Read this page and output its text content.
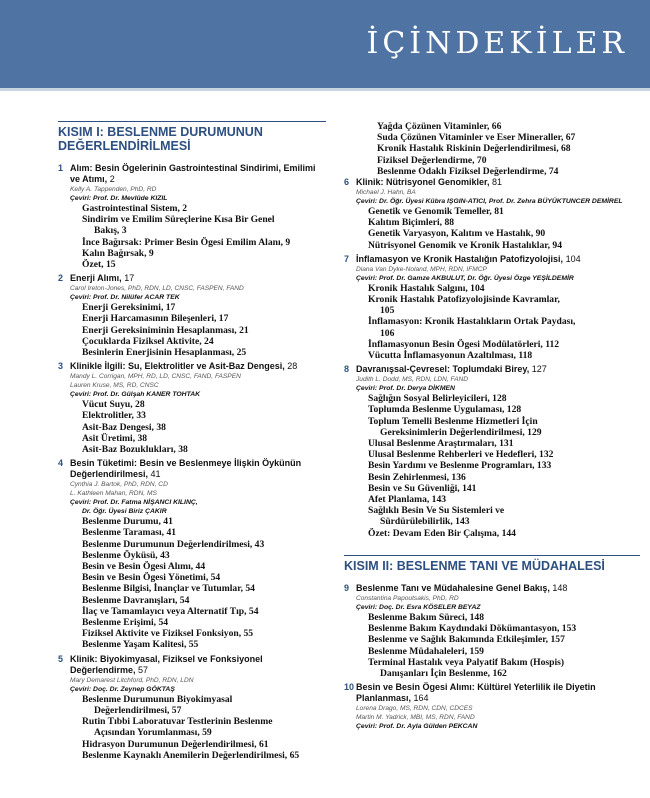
İÇİNDEKİLER
KISIM I: BESLENME DURUMUNUN DEĞERLENDİRİLMESİ
1 Alım: Besin Ögelerinin Gastrointestinal Sindirimi, Emilimi ve Atımı, 2
Kelly A. Tappenden, PhD, RD
Çeviri: Prof. Dr. Mevlüde KIZIL
Gastrointestinal Sistem, 2
Sindirim ve Emilim Süreçlerine Kısa Bir Genel
Bakış, 3
İnce Bağırsak: Primer Besin Ögesi Emilim Alanı, 9
Kalın Bağırsak, 9
Özet, 15
2 Enerji Alımı, 17
Carol Ireton-Jones, PhD, RDN, LD, CNSC, FASPEN, FAND
Çeviri: Prof. Dr. Nilüfer ACAR TEK
Enerji Gereksinimi, 17
Enerji Harcamasının Bileşenleri, 17
Enerji Gereksiniminin Hesaplanması, 21
Çocuklarda Fiziksel Aktivite, 24
Besinlerin Enerjisinin Hesaplanması, 25
3 Klinikle İlgili: Su, Elektrolitler ve Asit-Baz Dengesi, 28
Mandy L. Corrigan, MPH, RD, LD, CNSC, FAND, FASPEN
Lauren Kruse, MS, RD, CNSC
Çeviri: Prof. Dr. Gülşah KANER TOHTAK
Vücut Suyu, 28
Elektrolitler, 33
Asit-Baz Dengesi, 38
Asit Üretimi, 38
Asit-Baz Bozuklukları, 38
4 Besin Tüketimi: Besin ve Beslenmeye İlişkin Öykünün Değerlendirilmesi, 41
Cynthia J. Bartok, PhD, RDN, CD
L. Kathleen Mahan, RDN, MS
Çeviri: Prof. Dr. Fatma NİŞANCI KILINÇ,
Dr. Öğr. Üyesi Biriz ÇAKIR
Beslenme Durumu, 41
Beslenme Taraması, 41
Beslenme Durumunun Değerlendirilmesi, 43
Beslenme Öyküsü, 43
Besin ve Besin Ögesi Alımı, 44
Besin ve Besin Ögesi Yönetimi, 54
Beslenme Bilgisi, İnançlar ve Tutumlar, 54
Beslenme Davranışları, 54
İlaç ve Tamamlayıcı veya Alternatif Tıp, 54
Beslenme Erişimi, 54
Fiziksel Aktivite ve Fiziksel Fonksiyon, 55
Beslenme Yaşam Kalitesi, 55
5 Klinik: Biyokimyasal, Fiziksel ve Fonksiyonel Değerlendirme, 57
Mary Demarest Litchford, PhD, RDN, LDN
Çeviri: Doç. Dr. Zeynep GÖKTAŞ
Beslenme Durumunun Biyokimyasal
Değerlendirilmesi, 57
Rutin Tıbbi Laboratuvar Testlerinin Beslenme
Açısından Yorumlanması, 59
Hidrasyon Durumunun Değerlendirilmesi, 61
Beslenme Kaynaklı Anemilerin Değerlendirilmesi, 65
Yağda Çözünen Vitaminler, 66
Suda Çözünen Vitaminler ve Eser Mineraller, 67
Kronik Hastalık Riskinin Değerlendirilmesi, 68
Fiziksel Değerlendirme, 70
Beslenme Odaklı Fiziksel Değerlendirme, 74
6 Klinik: Nütrisyonel Genomikler, 81
Michael J. Hahn, BA
Çeviri: Dr. Öğr. Üyesi Kübra IŞGIN-ATICI, Prof. Dr. Zehra BÜYÜKTUNCER DEMİREL
Genetik ve Genomik Temeller, 81
Kalıtım Biçimleri, 88
Genetik Varyasyon, Kalıtım ve Hastalık, 90
Nütrisyonel Genomik ve Kronik Hastalıklar, 94
7 İnflamasyon ve Kronik Hastalığın Patofizyolojisi, 104
Diana Van Dyke-Noland, MPH, RDN, IFMCP
Çeviri: Prof. Dr. Gamze AKBULUT, Dr. Öğr. Üyesi Özge YEŞİLDEMİR
Kronik Hastalık Salgını, 104
Kronik Hastalık Patofizyolojisinde Kavramlar,
105
İnflamasyon: Kronik Hastalıkların Ortak Paydası,
106
İnflamasyonun Besin Ögesi Modülatörleri, 112
Vücutta İnflamasyonun Azaltılması, 118
8 Davranışsal-Çevresel: Toplumdaki Birey, 127
Judith L. Dodd, MS, RDN, LDN, FAND
Çeviri: Prof. Dr. Derya DİKMEN
Sağlığın Sosyal Belirleyicileri, 128
Toplumda Beslenme Uygulaması, 128
Toplum Temelli Beslenme Hizmetleri İçin
Gereksinimlerin Değerlendirilmesi, 129
Ulusal Beslenme Araştırmaları, 131
Ulusal Beslenme Rehberleri ve Hedefleri, 132
Besin Yardımı ve Beslenme Programları, 133
Besin Zehirlenmesi, 136
Besin ve Su Güvenliği, 141
Afet Planlama, 143
Sağlıklı Besin Ve Su Sistemleri ve
Sürdürülebilirlik, 143
Özet: Devam Eden Bir Çalışma, 144
KISIM II: BESLENME TANI VE MÜDAHALESİ
9 Beslenme Tanı ve Müdahalesine Genel Bakış, 148
Constantina Papoutsakis, PhD, RD
Çeviri: Doç. Dr. Esra KÖSELER BEYAZ
Beslenme Bakım Süreci, 148
Beslenme Bakım Kaydındaki Dökümantasyon, 153
Beslenme ve Sağlık Bakımında Etkileşimler, 157
Beslenme Müdahaleleri, 159
Terminal Hastalık veya Palyatif Bakım (Hospis)
Danışanları İçin Beslenme, 162
10 Besin ve Besin Ögesi Alımı: Kültürel Yeterlilik ile Diyetin Planlanması, 164
Lorena Drago, MS, RDN, CDN, CDCES
Martin M. Yadrick, MBI, MS, RDN, FAND
Çeviri: Prof. Dr. Ayla Gülden PEKCAN
